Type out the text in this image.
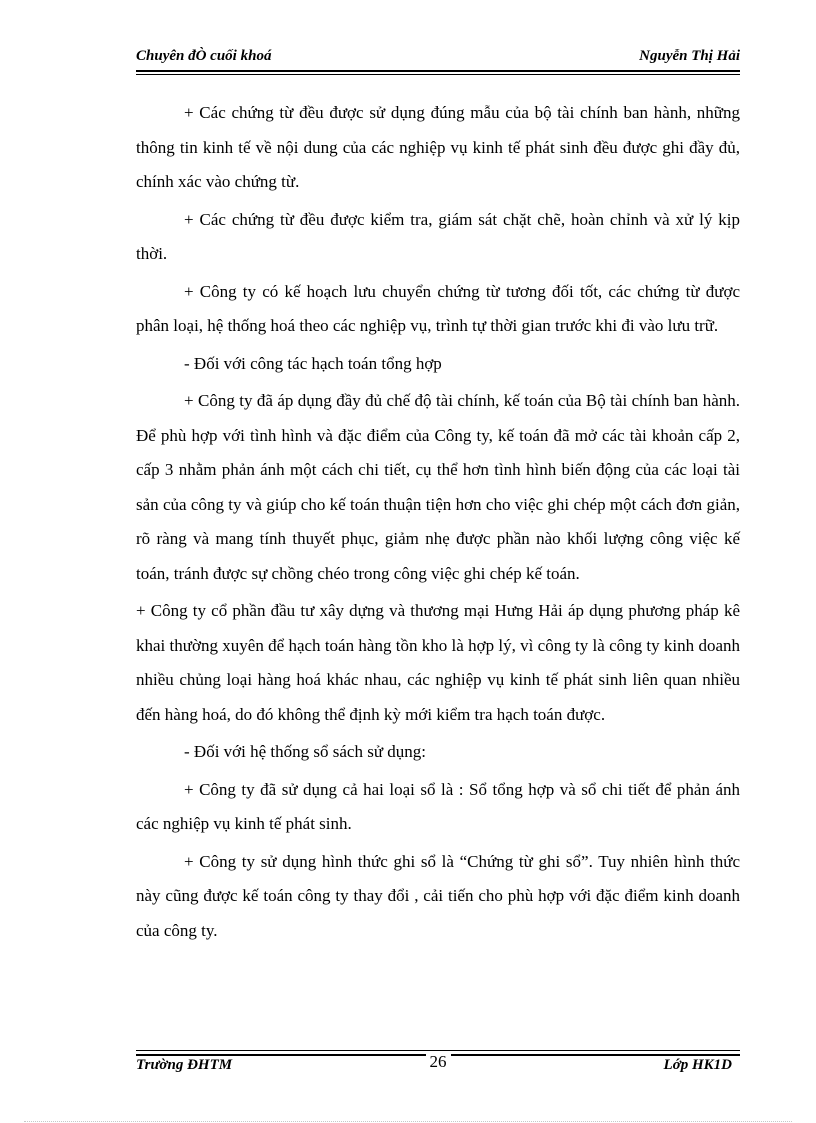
Chuyên đÒ cuối khoá	Nguyễn Thị Hải

+ Các chứng từ đều được sử dụng đúng mẫu của bộ tài chính ban hành, những thông tin kinh tế về nội dung của các nghiệp vụ kinh tế phát sinh đều được ghi đầy đủ, chính xác vào chứng từ.

+ Các chứng từ đều được kiểm tra, giám sát chặt chẽ, hoàn chỉnh và xử lý kịp thời.

+ Công ty có kế hoạch lưu chuyển chứng từ tương đối tốt, các chứng từ được phân loại, hệ thống hoá theo các nghiệp vụ, trình tự thời gian trước khi đi vào lưu trữ.

- Đối với công tác hạch toán tổng hợp

+ Công ty đã áp dụng đầy đủ chế độ tài chính, kế toán của Bộ tài chính ban hành. Để phù hợp với tình hình và đặc điểm của Công ty, kế toán đã mở các tài khoản cấp 2, cấp 3 nhằm phản ánh một cách chi tiết, cụ thể hơn tình hình biến động của các loại tài sản của công ty và giúp cho kế toán thuận tiện hơn cho việc ghi chép một cách đơn giản, rõ ràng và mang tính thuyết phục, giảm nhẹ được phần nào khối lượng công việc kế toán, tránh được sự chồng chéo trong công việc ghi chép kế toán.

+ Công ty cổ phần đầu tư xây dựng và thương mại Hưng Hải áp dụng phương pháp kê khai thường xuyên để hạch toán hàng tồn kho là hợp lý, vì công ty là công ty kinh doanh nhiều chủng loại hàng hoá khác nhau, các nghiệp vụ kinh tế phát sinh liên quan nhiều đến hàng hoá, do đó không thể định kỳ mới kiểm tra hạch toán được.

- Đối với hệ thống sổ sách sử dụng:

+ Công ty đã sử dụng cả hai loại sổ là : Sổ tổng hợp và sổ chi tiết để phản ánh các nghiệp vụ kinh tế phát sinh.

+ Công ty sử dụng hình thức ghi sổ là “Chứng từ ghi sổ”. Tuy nhiên hình thức này cũng được kế toán công ty thay đổi , cải tiến cho phù hợp với đặc điểm kinh doanh của công ty.

Trường ĐHTM	26	Lớp HK1D
